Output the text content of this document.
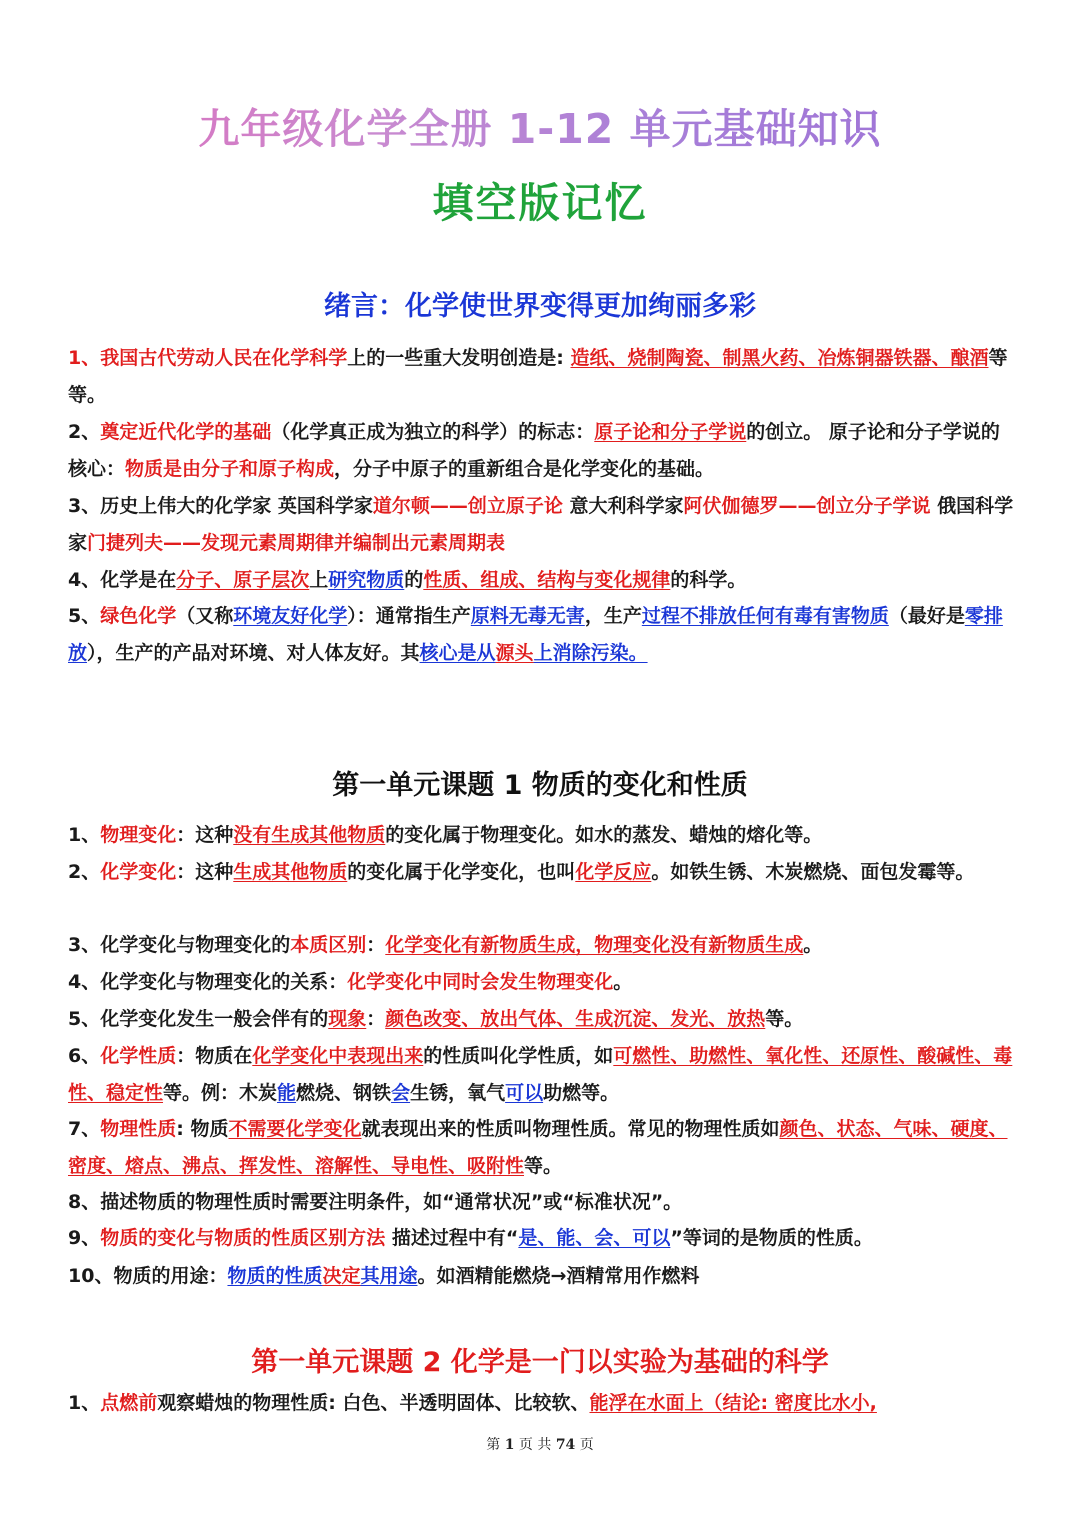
九年级化学全册 1-12 单元基础知识
填空版记忆
绪言：化学使世界变得更加绚丽多彩
1、我国古代劳动人民在化学科学上的一些重大发明创造是: 造纸、烧制陶瓷、制黑火药、冶炼铜器铁器、酿酒等等。
2、奠定近代化学的基础（化学真正成为独立的科学）的标志：原子论和分子学说的创立。 原子论和分子学说的核心：物质是由分子和原子构成，分子中原子的重新组合是化学变化的基础。
3、历史上伟大的化学家 英国科学家道尔顿——创立原子论 意大利科学家阿伏伽德罗——创立分子学说 俄国科学家门捷列夫——发现元素周期律并编制出元素周期表
4、化学是在分子、原子层次上研究物质的性质、组成、结构与变化规律的科学。
5、绿色化学（又称环境友好化学）：通常指生产原料无毒无害，生产过程不排放任何有毒有害物质（最好是零排放），生产的产品对环境、对人体友好。其核心是从源头上消除污染。
第一单元课题 1 物质的变化和性质
1、物理变化：这种没有生成其他物质的变化属于物理变化。如水的蒸发、蜡烛的熔化等。
2、化学变化：这种生成其他物质的变化属于化学变化，也叫化学反应。如铁生锈、木炭燃烧、面包发霉等。
3、化学变化与物理变化的本质区别：化学变化有新物质生成，物理变化没有新物质生成。
4、化学变化与物理变化的关系：化学变化中同时会发生物理变化。
5、化学变化发生一般会伴有的现象：颜色改变、放出气体、生成沉淀、发光、放热等。
6、化学性质：物质在化学变化中表现出来的性质叫化学性质，如可燃性、助燃性、氧化性、还原性、酸碱性、毒性、稳定性等。例：木炭能燃烧、钢铁会生锈，氧气可以助燃等。
7、物理性质: 物质不需要化学变化就表现出来的性质叫物理性质。常见的物理性质如颜色、状态、气味、硬度、密度、熔点、沸点、挥发性、溶解性、导电性、吸附性等。
8、描述物质的物理性质时需要注明条件，如“通常状况”或“标准状况”。
9、物质的变化与物质的性质区别方法 描述过程中有“是、能、会、可以”等词的是物质的性质。
10、物质的用途：物质的性质决定其用途。如酒精能燃烧→酒精常用作燃料
第一单元课题 2 化学是一门以实验为基础的科学
1、点燃前观察蜡烛的物理性质: 白色、半透明固体、比较软、能浮在水面上（结论: 密度比水小,
第 1 页 共 74 页
